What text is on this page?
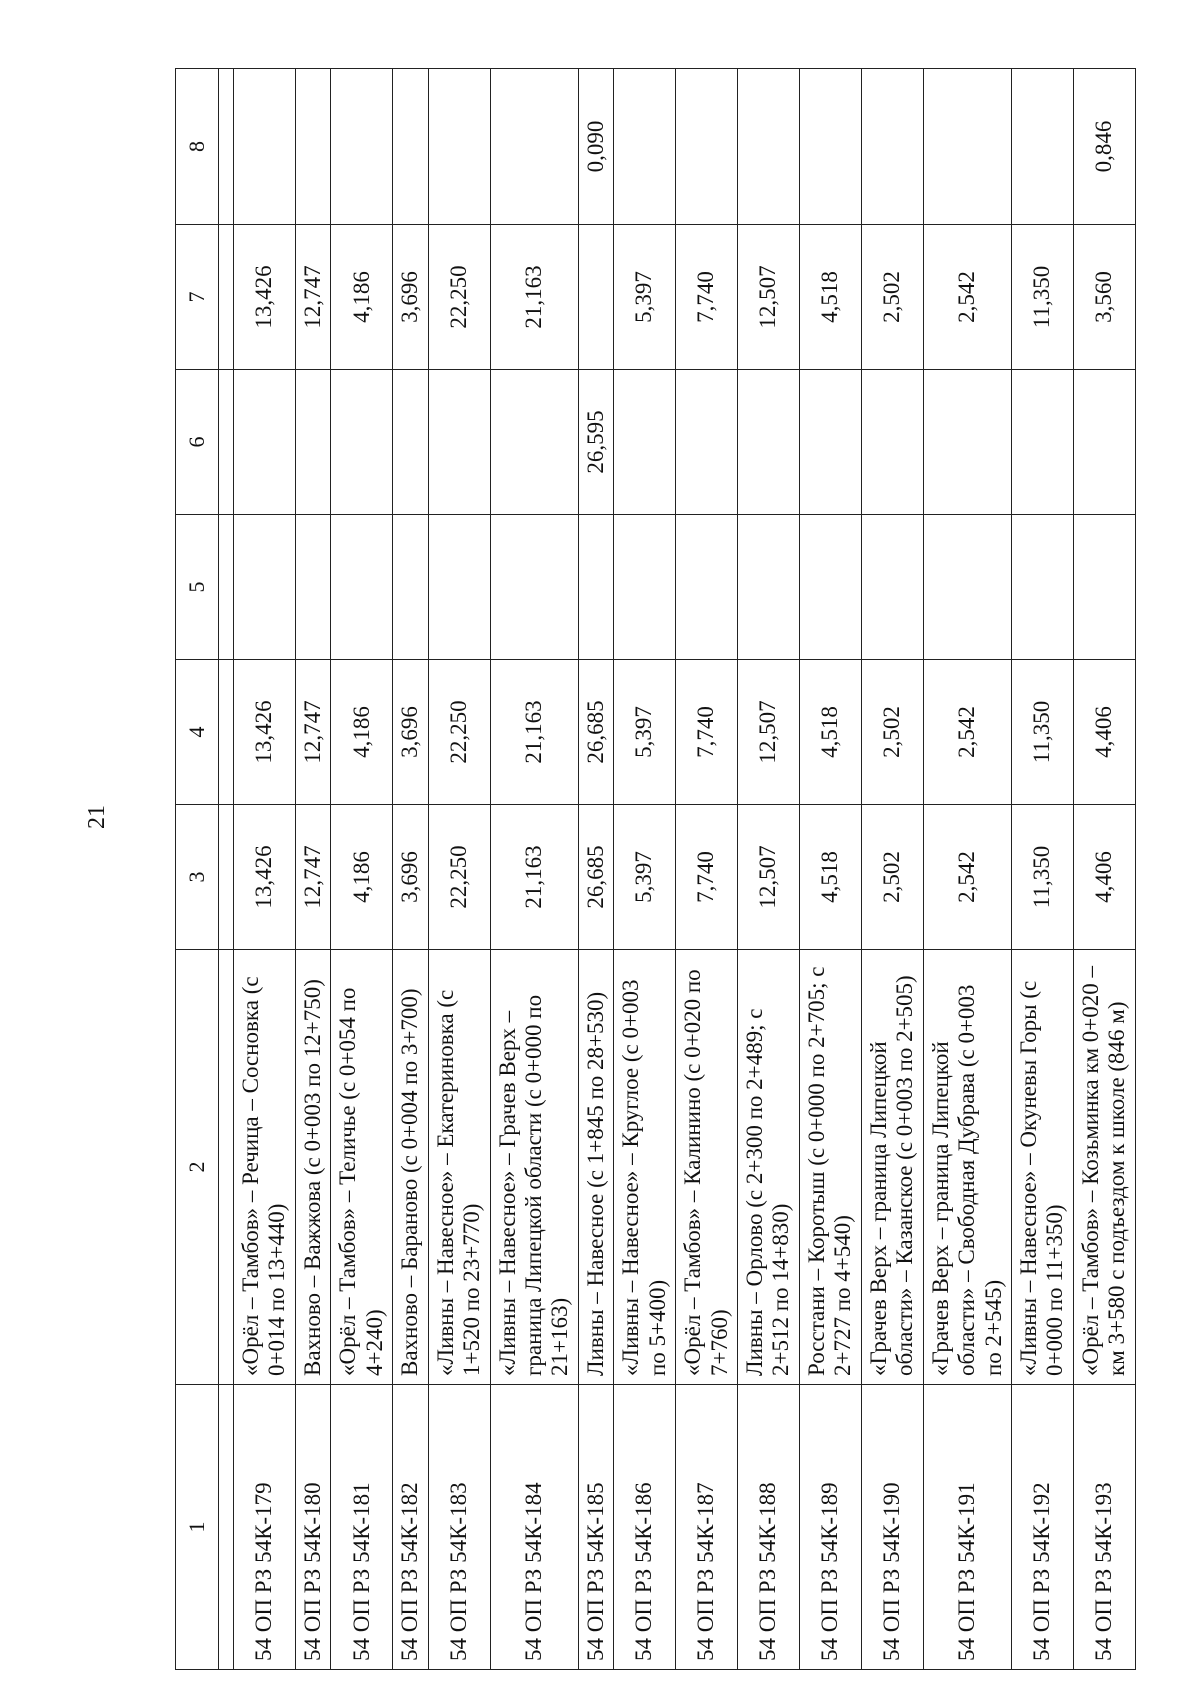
21
1	2	3	4	5	6	7	8

54 ОП РЗ 54К-179	«Орёл – Тамбов» – Речица – Сосновка (с 0+014 по 13+440)	13,426	13,426			13,426	
54 ОП РЗ 54К-180	Вахново – Важжова (с 0+003 по 12+750)	12,747	12,747			12,747	
54 ОП РЗ 54К-181	«Орёл – Тамбов» – Теличье (с 0+054 по 4+240)	4,186	4,186			4,186	
54 ОП РЗ 54К-182	Вахново – Бараново (с 0+004 по 3+700)	3,696	3,696			3,696	
54 ОП РЗ 54К-183	«Ливны – Навесное» – Екатериновка (с 1+520 по 23+770)	22,250	22,250			22,250	
54 ОП РЗ 54К-184	«Ливны – Навесное» – Грачев Верх – граница Липецкой области (с 0+000 по 21+163)	21,163	21,163			21,163	
54 ОП РЗ 54К-185	Ливны – Навесное (с 1+845 по 28+530)	26,685	26,685		26,595		0,090
54 ОП РЗ 54К-186	«Ливны – Навесное» – Круглое (с 0+003 по 5+400)	5,397	5,397			5,397	
54 ОП РЗ 54К-187	«Орёл – Тамбов» – Калинино (с 0+020 по 7+760)	7,740	7,740			7,740	
54 ОП РЗ 54К-188	Ливны – Орлово (с 2+300 по 2+489; с 2+512 по 14+830)	12,507	12,507			12,507	
54 ОП РЗ 54К-189	Росстани – Коротыш (с 0+000 по 2+705; с 2+727 по 4+540)	4,518	4,518			4,518	
54 ОП РЗ 54К-190	«Грачев Верх – граница Липецкой области» – Казанское (с 0+003 по 2+505)	2,502	2,502			2,502	
54 ОП РЗ 54К-191	«Грачев Верх – граница Липецкой области» – Свободная Дубрава (с 0+003 по 2+545)	2,542	2,542			2,542	
54 ОП РЗ 54К-192	«Ливны – Навесное» – Окуневы Горы (с 0+000 по 11+350)	11,350	11,350			11,350	
54 ОП РЗ 54К-193	«Орёл – Тамбов» – Козьминка км 0+020 – км 3+580 с подъездом к школе (846 м)	4,406	4,406			3,560	0,846
